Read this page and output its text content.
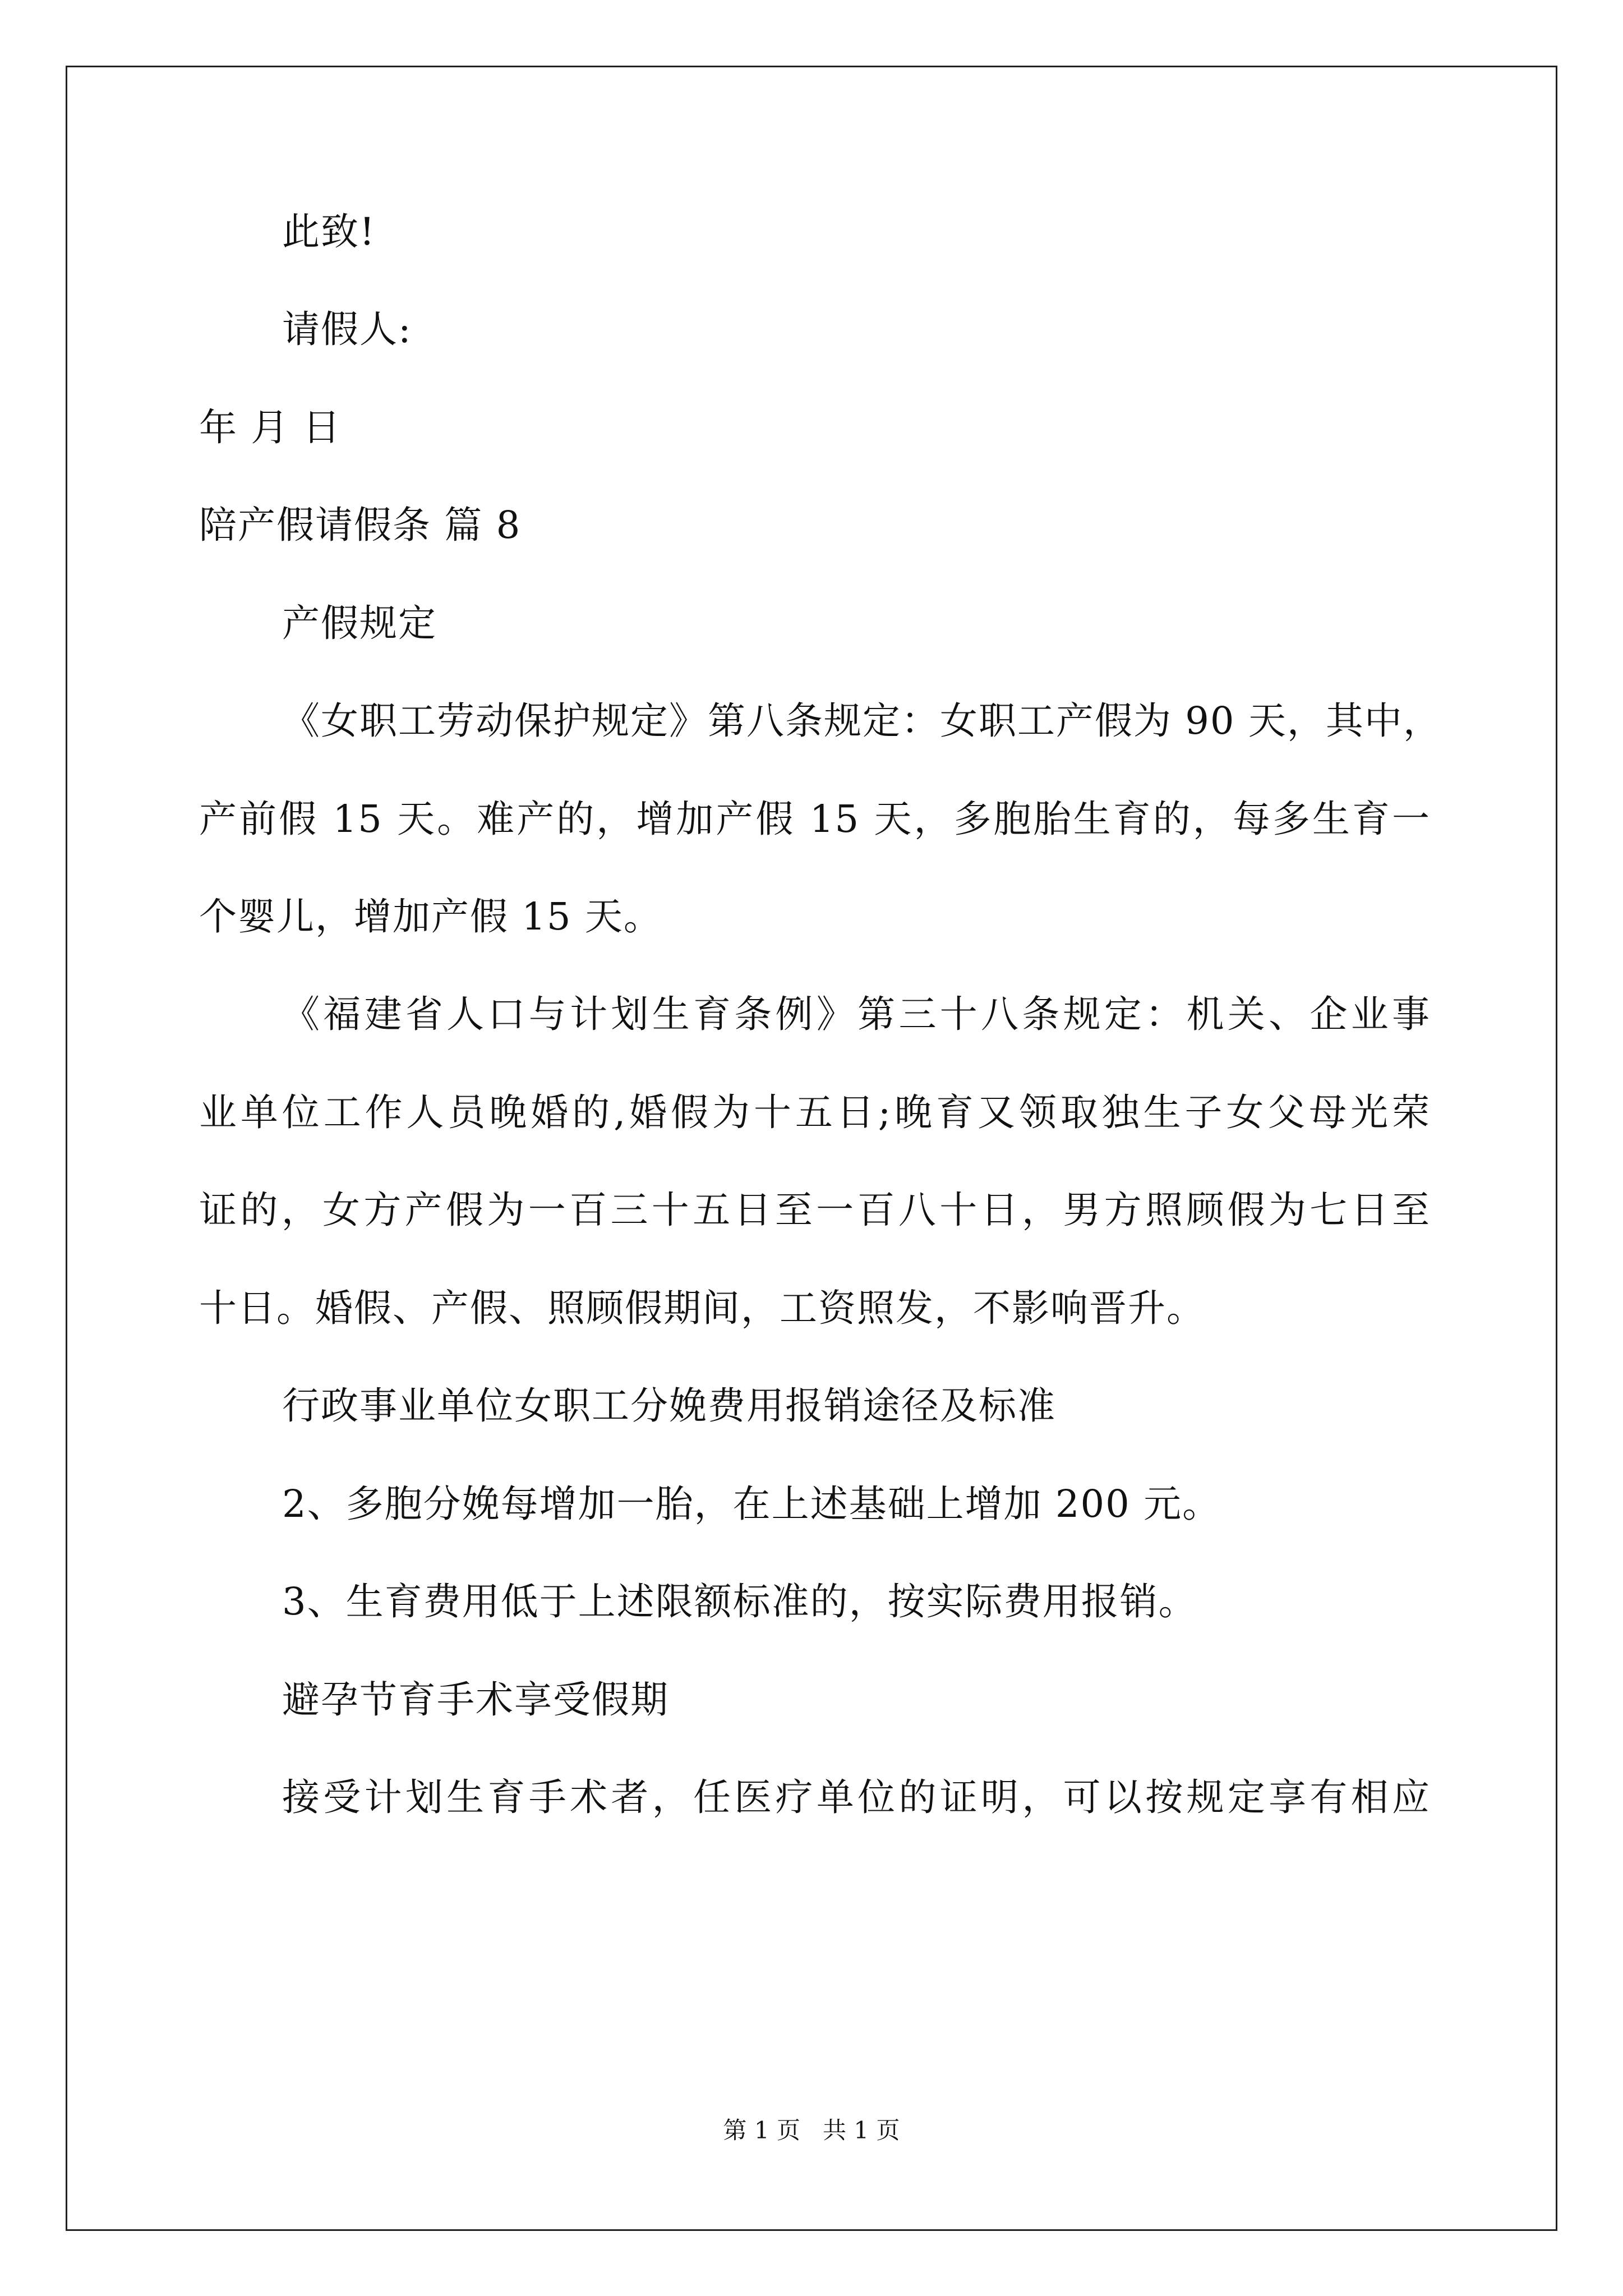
此致!
请假人:
年 月 日
陪产假请假条 篇 8
产假规定
《女职工劳动保护规定》第八条规定：女职工产假为 90 天，其中，
产前假 15 天。难产的，增加产假 15 天，多胞胎生育的，每多生育一
个婴儿，增加产假 15 天。
《福建省人口与计划生育条例》第三十八条规定：机关、企业事
业单位工作人员晚婚的,婚假为十五日;晚育又领取独生子女父母光荣
证的，女方产假为一百三十五日至一百八十日，男方照顾假为七日至
十日。婚假、产假、照顾假期间，工资照发，不影响晋升。
行政事业单位女职工分娩费用报销途径及标准
2、多胞分娩每增加一胎，在上述基础上增加 200 元。
3、生育费用低于上述限额标准的，按实际费用报销。
避孕节育手术享受假期
接受计划生育手术者，任医疗单位的证明，可以按规定享有相应
第 1 页   共 1 页
